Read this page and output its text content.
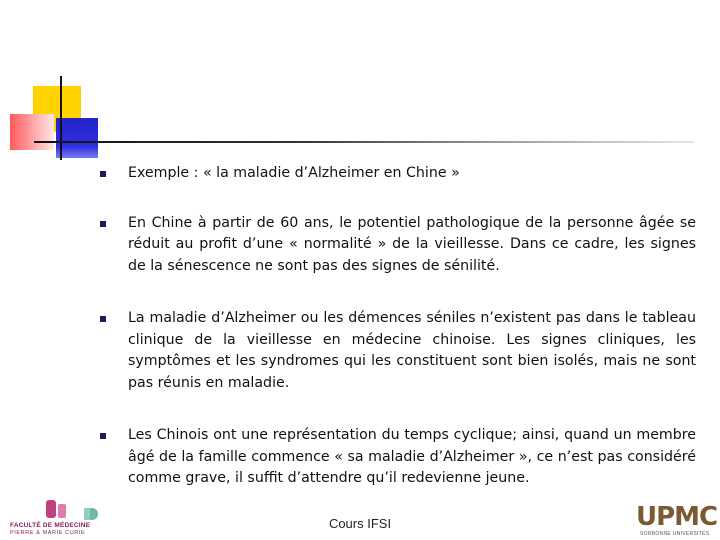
Exemple : « la maladie d’Alzheimer en Chine »
En Chine à partir de 60 ans, le potentiel pathologique de la personne âgée se réduit au profit d’une « normalité » de la vieillesse. Dans ce cadre, les signes de la sénescence ne sont pas des signes de sénilité.
La maladie d’Alzheimer ou les démences séniles n’existent pas dans le tableau clinique de la vieillesse en médecine chinoise. Les signes cliniques, les symptômes et les syndromes qui les constituent sont bien isolés, mais ne sont pas réunis en maladie.
Les Chinois ont une représentation du temps cyclique; ainsi, quand un membre âgé de la famille commence « sa maladie d’Alzheimer », ce n’est pas considéré comme grave, il suffit d’attendre qu’il redevienne jeune.
FACULTÉ DE MÉDECINE
PIERRE & MARIE CURIE
Cours IFSI	UPMC
SORBONNE UNIVERSITÉS
